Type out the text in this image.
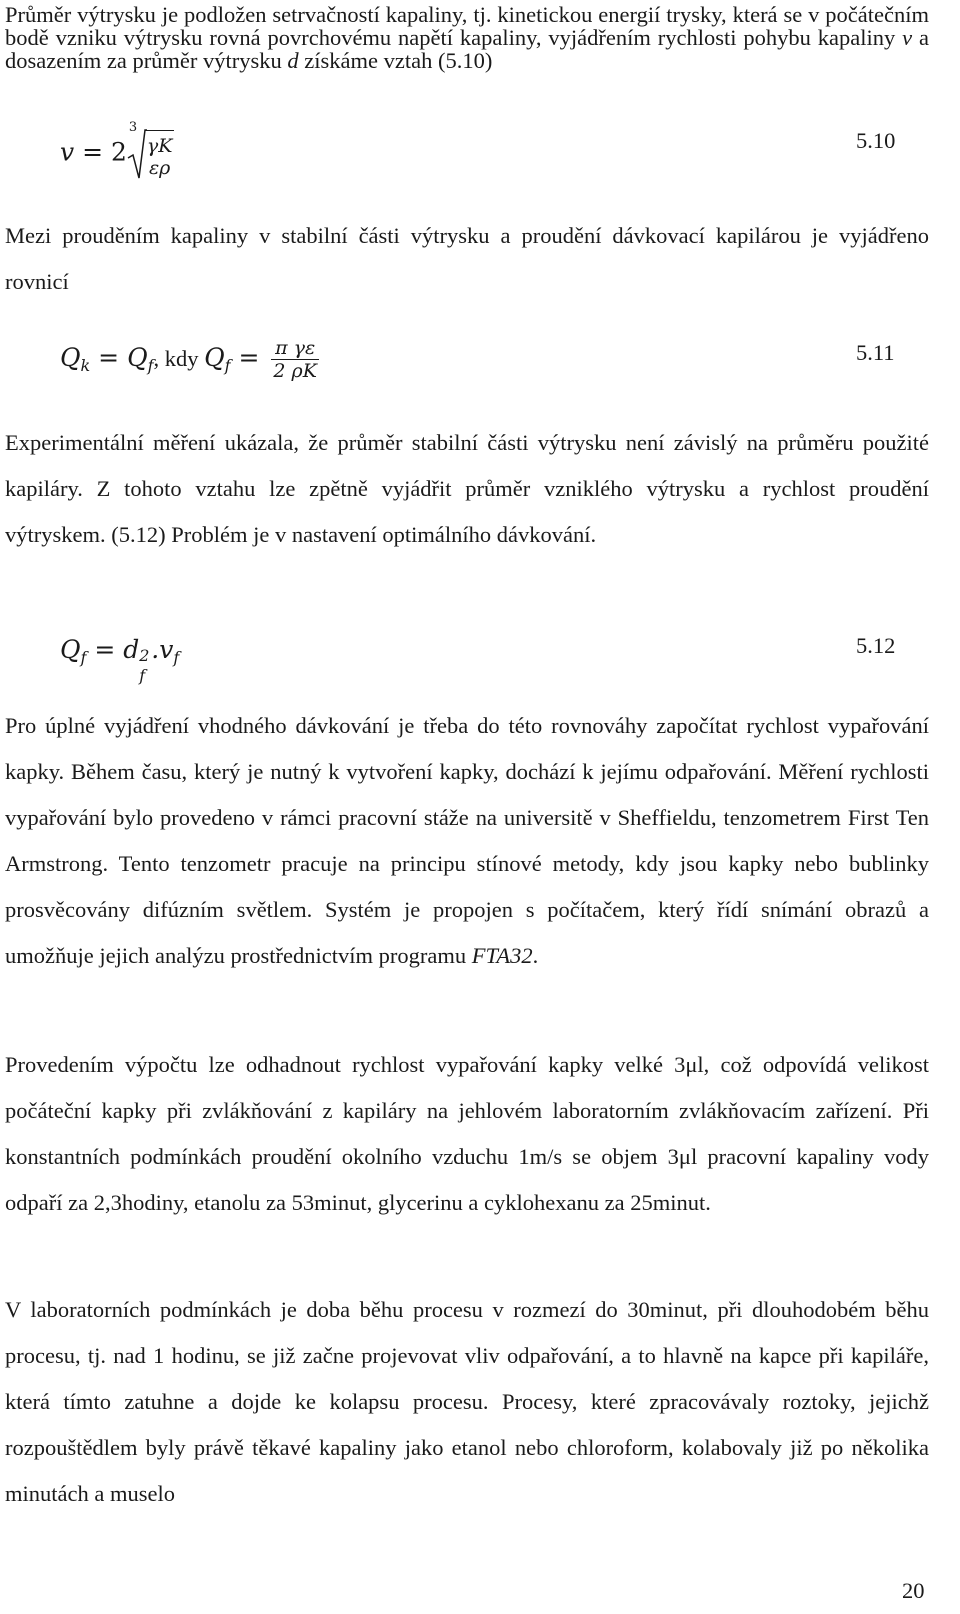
Průměr výtrysku je podložen setrvačností kapaliny, tj. kinetickou energií trysky, která se v počátečním bodě vzniku výtrysku rovná povrchovému napětí kapaliny, vyjádřením rychlosti pohybu kapaliny v a dosazením za průměr výtrysku d získáme vztah (5.10)

v = 2
3
γK
ερ
5.10

Mezi prouděním kapaliny v stabilní části výtrysku a proudění dávkovací kapilárou je vyjádřeno rovnicí

$Q_k = Q_f$, kdy $Q_f = \frac{\text{π γε}}{2 \rho K}$	5.11

Experimentální měření ukázala, že průměr stabilní části výtrysku není závislý na průměru použité kapiláry. Z tohoto vztahu lze zpětně vyjádřit průměr vzniklého výtrysku a rychlost proudění výtryskem. (5.12) Problém je v nastavení optimálního dávkování.

$Q_f = d$ 2
f
$.v_f$	5.12

Pro úplné vyjádření vhodného dávkování je třeba do této rovnováhy započítat rychlost vypařování kapky. Během času, který je nutný k vytvoření kapky, dochází k jejímu odpařování. Měření rychlosti vypařování bylo provedeno v rámci pracovní stáže na universitě v Sheffieldu, tenzometrem First Ten Armstrong. Tento tenzometr pracuje na principu stínové metody, kdy jsou kapky nebo bublinky prosvěcovány difúzním světlem. Systém je propojen s počítačem, který řídí snímání obrazů a umožňuje jejich analýzu prostřednictvím programu FTA32.

Provedením výpočtu lze odhadnout rychlost vypařování kapky velké 3μl, což odpovídá velikost počáteční kapky při zvlákňování z kapiláry na jehlovém laboratorním zvlákňovacím zařízení. Při konstantních podmínkách proudění okolního vzduchu 1m/s se objem 3μl pracovní kapaliny vody odpaří za 2,3hodiny, etanolu za 53minut, glycerinu a cyklohexanu za 25minut.

V laboratorních podmínkách je doba běhu procesu v rozmezí do 30minut, při dlouhodobém běhu procesu, tj. nad 1 hodinu, se již začne projevovat vliv odpařování, a to hlavně na kapce při kapiláře, která tímto zatuhne a dojde ke kolapsu procesu. Procesy, které zpracovávaly roztoky, jejichž rozpouštědlem byly právě těkavé kapaliny jako etanol nebo chloroform, kolabovaly již po několika minutách a muselo

20
